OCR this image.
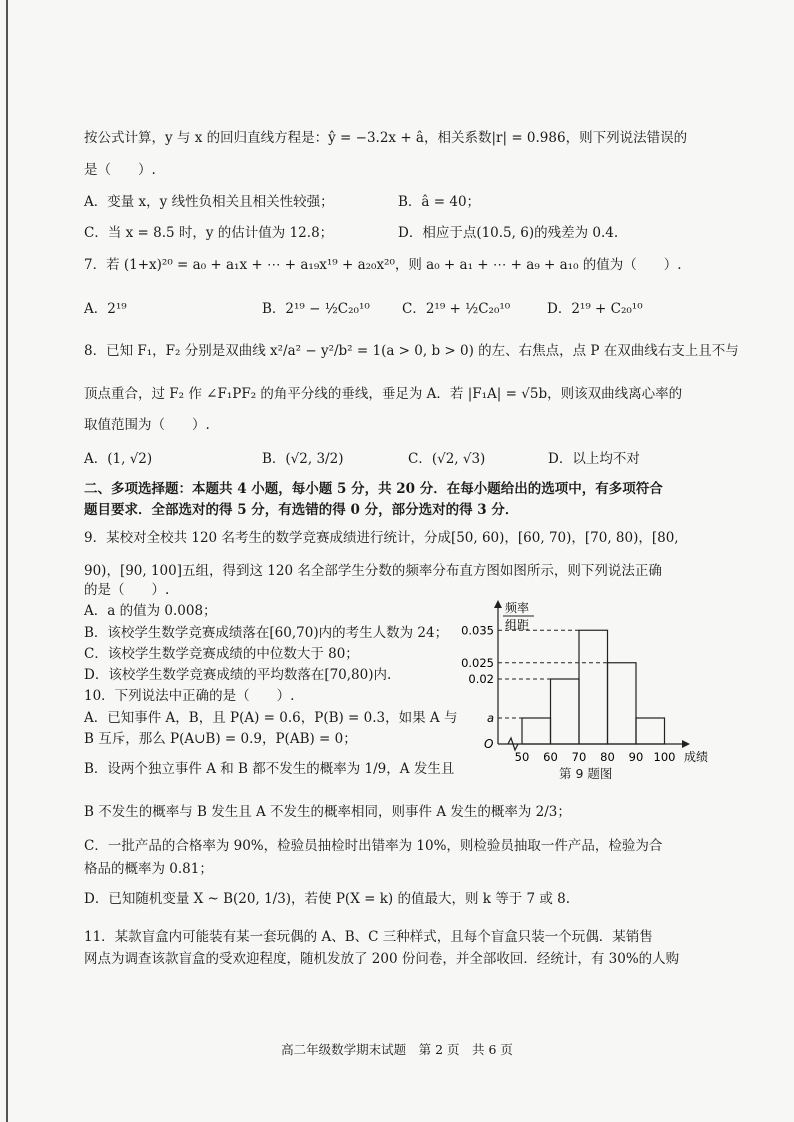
按公式计算，y 与 x 的回归直线方程是：ŷ = −3.2x + â，相关系数|r| = 0.986，则下列说法错误的
是（　　）.
A．变量 x，y 线性负相关且相关性较强；	B．â = 40；
C．当 x = 8.5 时，y 的估计值为 12.8；	D．相应于点(10.5, 6)的残差为 0.4.
7．若 (1+x)²⁰ = a₀ + a₁x + ⋯ + a₁₉x¹⁹ + a₂₀x²⁰，则 a₀ + a₁ + ⋯ + a₉ + a₁₀ 的值为（　　）.
A．2¹⁹	B．2¹⁹ − ½C₂₀¹⁰ C．2¹⁹ + ½C₂₀¹⁰	D．2¹⁹ + C₂₀¹⁰
8．已知 F₁，F₂ 分别是双曲线 x²/a² − y²/b² = 1(a > 0, b > 0) 的左、右焦点，点 P 在双曲线右支上且不与
顶点重合，过 F₂ 作 ∠F₁PF₂ 的角平分线的垂线，垂足为 A．若 |F₁A| = √5b，则该双曲线离心率的
取值范围为（　　）.
A．(1, √2)	B．(√2, 3/2)	C．(√2, √3)	D．以上均不对
二、多项选择题：本题共 4 小题，每小题 5 分，共 20 分．在每小题给出的选项中，有多项符合
题目要求．全部选对的得 5 分，有选错的得 0 分，部分选对的得 3 分．
9．某校对全校共 120 名考生的数学竞赛成绩进行统计，分成[50, 60)，[60, 70)，[70, 80)，[80,
90)，[90, 100]五组，得到这 120 名全部学生分数的频率分布直方图如图所示，则下列说法正确
的是（　　）.
A．a 的值为 0.008；
B．该校学生数学竞赛成绩落在[60,70)内的考生人数为 24；
C．该校学生数学竞赛成绩的中位数大于 80；
D．该校学生数学竞赛成绩的平均数落在[70,80)内.
10．下列说法中正确的是（　　）.
A．已知事件 A，B，且 P(A) = 0.6，P(B) = 0.3，如果 A 与
B 互斥，那么 P(A∪B) = 0.9，P(AB) = 0；
B．设两个独立事件 A 和 B 都不发生的概率为 1/9，A 发生且
B 不发生的概率与 B 发生且 A 不发生的概率相同，则事件 A 发生的概率为 2/3；
C．一批产品的合格率为 90%，检验员抽检时出错率为 10%，则检验员抽取一件产品，检验为合
格品的概率为 0.81；
D．已知随机变量 X ~ B(20, 1/3)，若使 P(X = k) 的值最大，则 k 等于 7 或 8.
11．某款盲盒内可能装有某一套玩偶的 A、B、C 三种样式，且每个盲盒只装一个玩偶．某销售
网点为调查该款盲盒的受欢迎程度，随机发放了 200 份问卷，并全部收回．经统计，有 30%的人购
频率
组距
O
a
0.02
0.025
0.035
50 60 70 80 90 100 成绩
第 9 题图
高二年级数学期末试题　第 2 页　共 6 页
